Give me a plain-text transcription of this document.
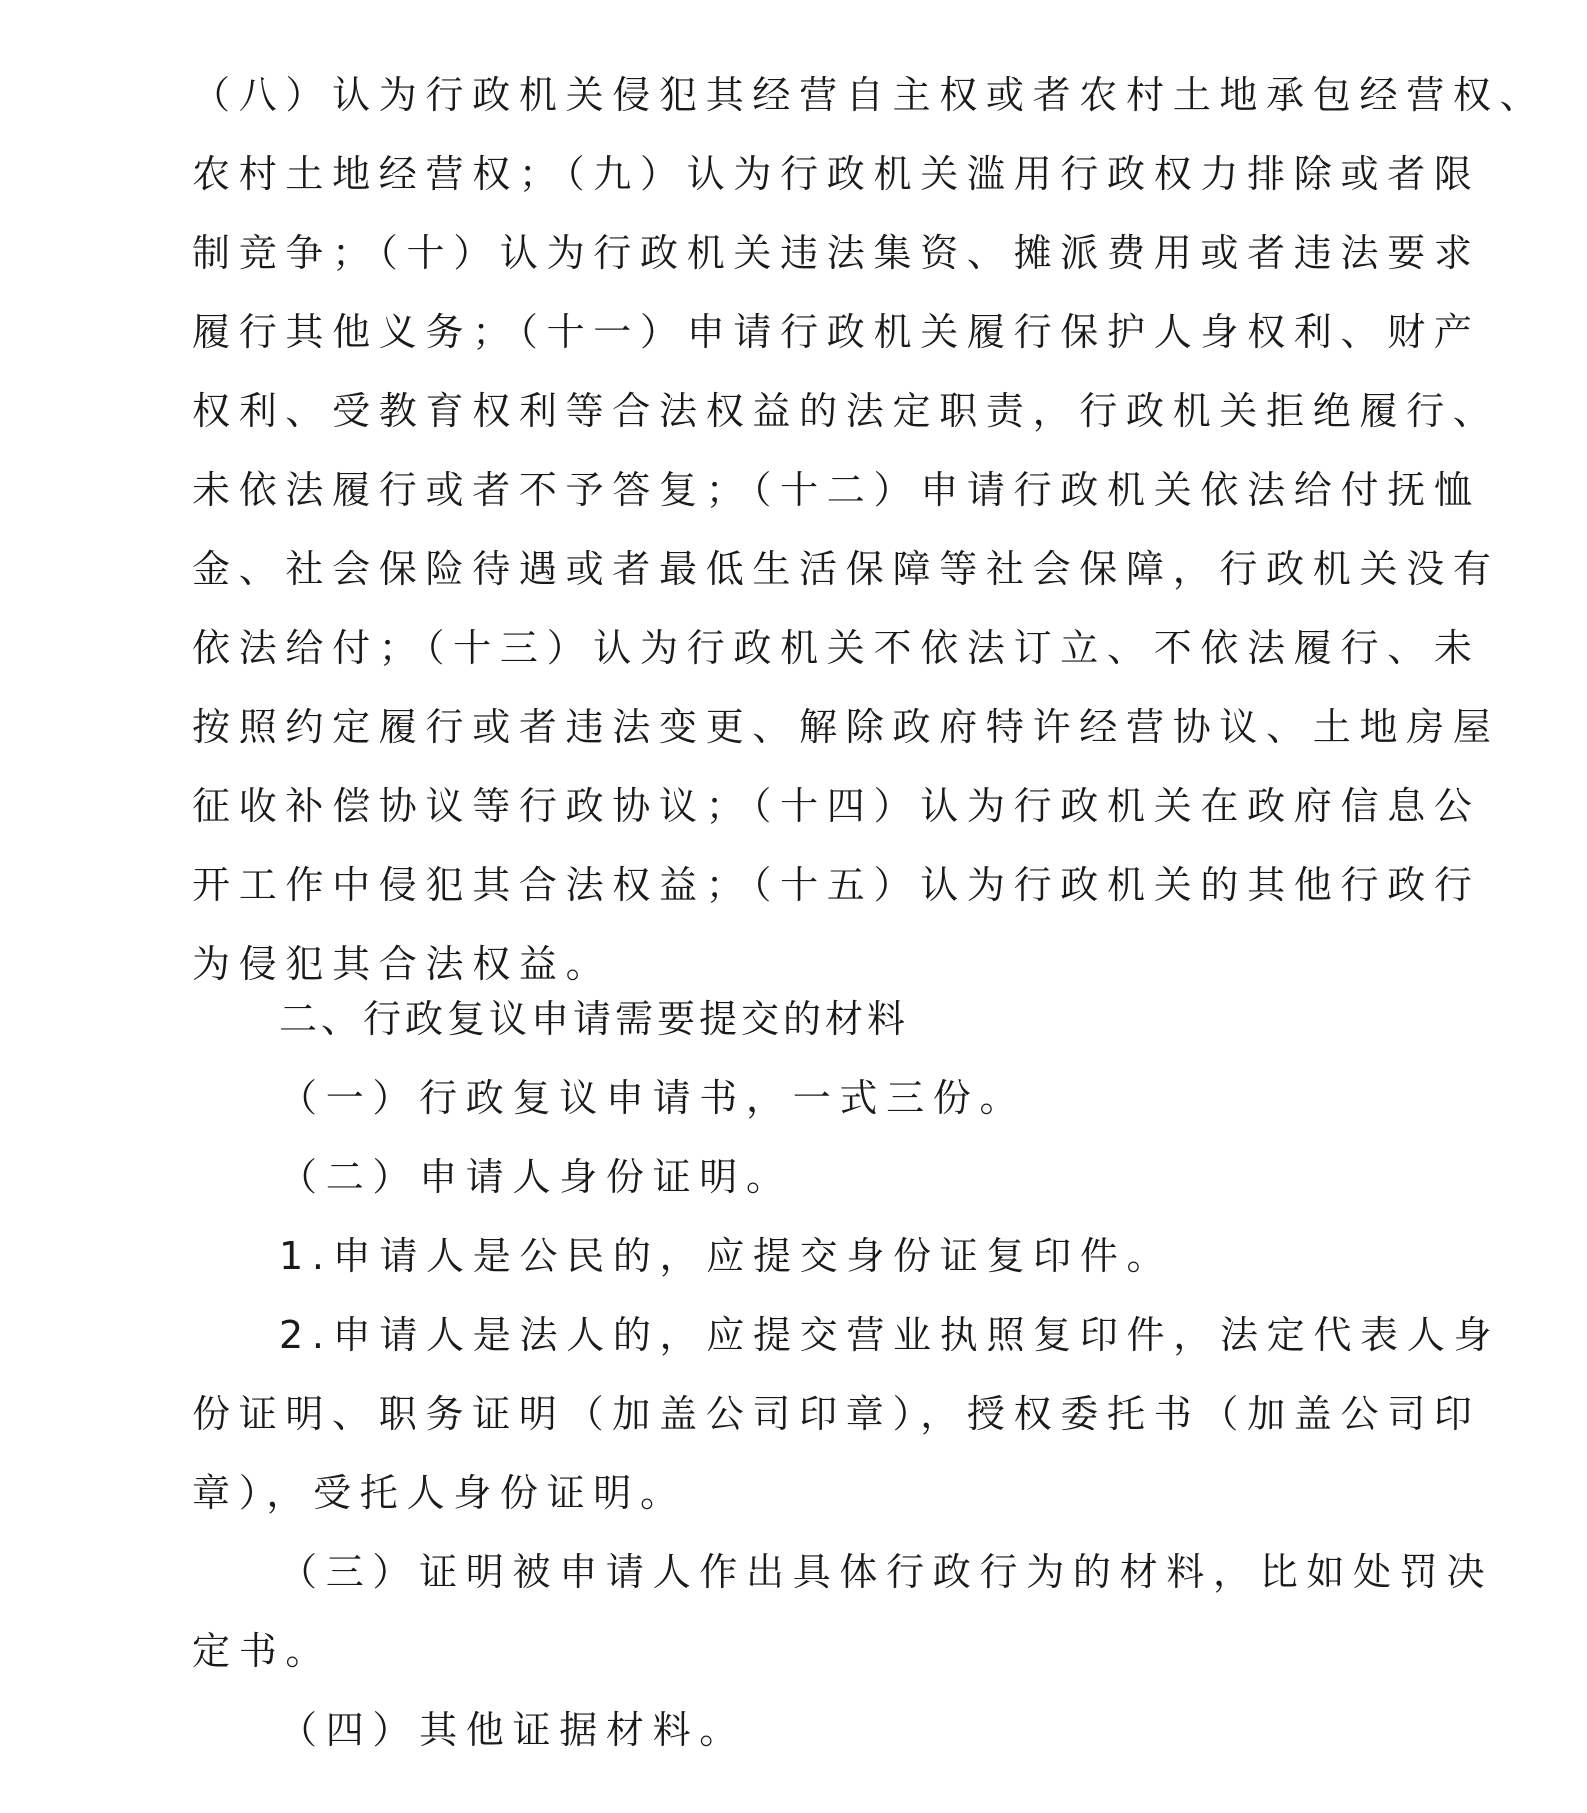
（八）认为行政机关侵犯其经营自主权或者农村土地承包经营权、
农村土地经营权；（九）认为行政机关滥用行政权力排除或者限
制竞争；（十）认为行政机关违法集资、摊派费用或者违法要求
履行其他义务；（十一）申请行政机关履行保护人身权利、财产
权利、受教育权利等合法权益的法定职责，行政机关拒绝履行、
未依法履行或者不予答复；（十二）申请行政机关依法给付抚恤
金、社会保险待遇或者最低生活保障等社会保障，行政机关没有
依法给付；（十三）认为行政机关不依法订立、不依法履行、未
按照约定履行或者违法变更、解除政府特许经营协议、土地房屋
征收补偿协议等行政协议；（十四）认为行政机关在政府信息公
开工作中侵犯其合法权益；（十五）认为行政机关的其他行政行
为侵犯其合法权益。

二、行政复议申请需要提交的材料

（一）行政复议申请书，一式三份。

（二）申请人身份证明。

1.申请人是公民的，应提交身份证复印件。

2.申请人是法人的，应提交营业执照复印件，法定代表人身

份证明、职务证明（加盖公司印章），授权委托书（加盖公司印

章），受托人身份证明。

（三）证明被申请人作出具体行政行为的材料，比如处罚决

定书。

（四）其他证据材料。
